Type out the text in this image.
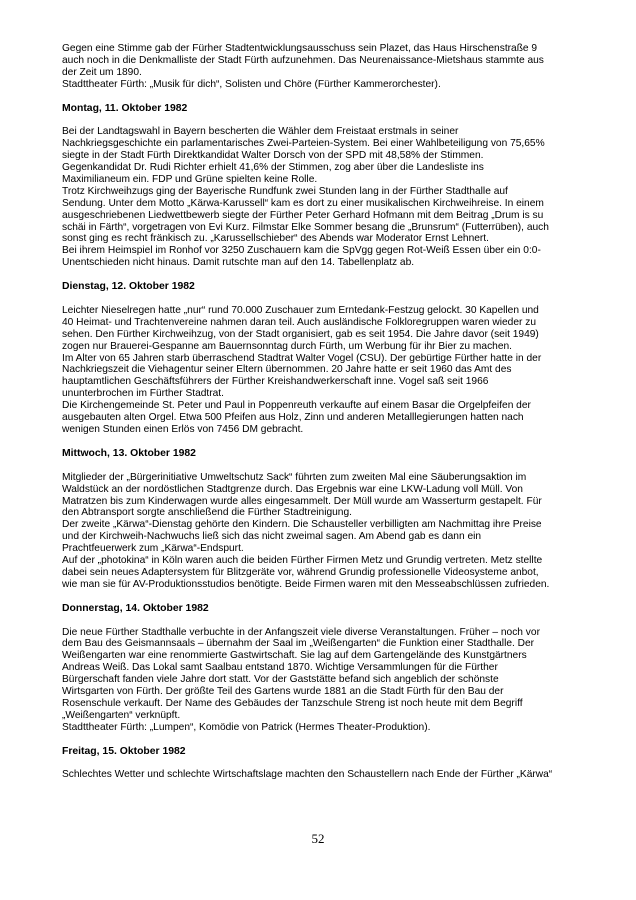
Gegen eine Stimme gab der Fürher Stadtentwicklungsausschuss sein Plazet, das Haus Hirschenstraße 9
auch noch in die Denkmalliste der Stadt Fürth aufzunehmen. Das Neurenaissance-Mietshaus stammte aus
der Zeit um 1890.
Stadttheater Fürth: „Musik für dich“, Solisten und Chöre (Fürther Kammerorchester).
Montag, 11. Oktober 1982
Bei der Landtagswahl in Bayern bescherten die Wähler dem Freistaat erstmals in seiner
Nachkriegsgeschichte ein parlamentarisches Zwei-Parteien-System. Bei einer Wahlbeteiligung von 75,65%
siegte in der Stadt Fürth Direktkandidat Walter Dorsch von der SPD mit 48,58% der Stimmen.
Gegenkandidat Dr. Rudi Richter erhielt 41,6% der Stimmen, zog aber über die Landesliste ins
Maximilianeum ein. FDP und Grüne spielten keine Rolle.
Trotz Kirchweihzugs ging der Bayerische Rundfunk zwei Stunden lang in der Fürther Stadthalle auf
Sendung. Unter dem Motto „Kärwa-Karussell“ kam es dort zu einer musikalischen Kirchweihreise. In einem
ausgeschriebenen Liedwettbewerb siegte der Fürther Peter Gerhard Hofmann mit dem Beitrag „Drum is su
schäi in Färth“, vorgetragen von Evi Kurz. Filmstar Elke Sommer besang die „Brunsrum“ (Futterrüben), auch
sonst ging es recht fränkisch zu. „Karussellschieber“ des Abends war Moderator Ernst Lehnert.
Bei ihrem Heimspiel im Ronhof vor 3250 Zuschauern kam die SpVgg gegen Rot-Weiß Essen über ein 0:0-
Unentschieden nicht hinaus. Damit rutschte man auf den 14. Tabellenplatz ab.
Dienstag, 12. Oktober 1982
Leichter Nieselregen hatte „nur“ rund 70.000 Zuschauer zum Erntedank-Festzug gelockt. 30 Kapellen und
40 Heimat- und Trachtenvereine nahmen daran teil. Auch ausländische Folkloregruppen waren wieder zu
sehen. Den Fürther Kirchweihzug, von der Stadt organisiert, gab es seit 1954. Die Jahre davor (seit 1949)
zogen nur Brauerei-Gespanne am Bauernsonntag durch Fürth, um Werbung für ihr Bier zu machen.
Im Alter von 65 Jahren starb überraschend Stadtrat Walter Vogel (CSU). Der gebürtige Fürther hatte in der
Nachkriegszeit die Viehagentur seiner Eltern übernommen. 20 Jahre hatte er seit 1960 das Amt des
hauptamtlichen Geschäftsführers der Fürther Kreishandwerkerschaft inne. Vogel saß seit 1966
ununterbrochen im Fürther Stadtrat.
Die Kirchengemeinde St. Peter und Paul in Poppenreuth verkaufte auf einem Basar die Orgelpfeifen der
ausgebauten alten Orgel. Etwa 500 Pfeifen aus Holz, Zinn und anderen Metalllegierungen hatten nach
wenigen Stunden einen Erlös von 7456 DM gebracht.
Mittwoch, 13. Oktober 1982
Mitglieder der „Bürgerinitiative Umweltschutz Sack“ führten zum zweiten Mal eine Säuberungsaktion im
Waldstück an der nordöstlichen Stadtgrenze durch. Das Ergebnis war eine LKW-Ladung voll Müll. Von
Matratzen bis zum Kinderwagen wurde alles eingesammelt. Der Müll wurde am Wasserturm gestapelt. Für
den Abtransport sorgte anschließend die Fürther Stadtreinigung.
Der zweite „Kärwa“-Dienstag gehörte den Kindern. Die Schausteller verbilligten am Nachmittag ihre Preise
und der Kirchweih-Nachwuchs ließ sich das nicht zweimal sagen. Am Abend gab es dann ein
Prachtfeuerwerk zum „Kärwa“-Endspurt.
Auf der „photokina“ in Köln waren auch die beiden Fürther Firmen Metz und Grundig vertreten. Metz stellte
dabei sein neues Adaptersystem für Blitzgeräte vor, während Grundig professionelle Videosysteme anbot,
wie man sie für AV-Produktionsstudios benötigte. Beide Firmen waren mit den Messeabschlüssen zufrieden.
Donnerstag, 14. Oktober 1982
Die neue Fürther Stadthalle verbuchte in der Anfangszeit viele diverse Veranstaltungen. Früher – noch vor
dem Bau des Geismannsaals – übernahm der Saal im „Weißengarten“ die Funktion einer Stadthalle. Der
Weißengarten war eine renommierte Gastwirtschaft. Sie lag auf dem Gartengelände des Kunstgärtners
Andreas Weiß. Das Lokal samt Saalbau entstand 1870. Wichtige Versammlungen für die Fürther
Bürgerschaft fanden viele Jahre dort statt. Vor der Gaststätte befand sich angeblich der schönste
Wirtsgarten von Fürth. Der größte Teil des Gartens wurde 1881 an die Stadt Fürth für den Bau der
Rosenschule verkauft. Der Name des Gebäudes der Tanzschule Streng ist noch heute mit dem Begriff
„Weißengarten“ verknüpft.
Stadttheater Fürth: „Lumpen“, Komödie von Patrick (Hermes Theater-Produktion).
Freitag, 15. Oktober 1982
Schlechtes Wetter und schlechte Wirtschaftslage machten den Schaustellern nach Ende der Fürther „Kärwa“
52
